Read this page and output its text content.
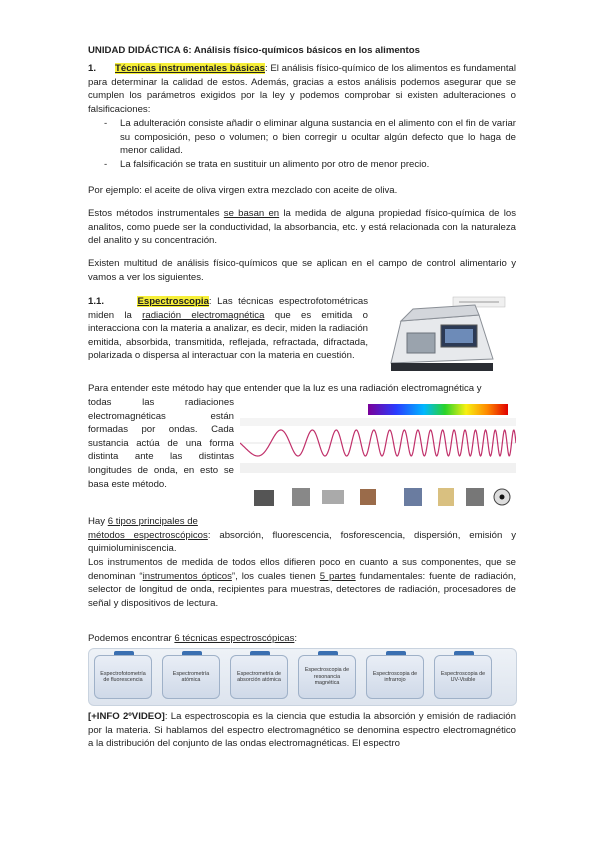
UNIDAD DIDÁCTICA 6: Análisis físico-químicos básicos en los alimentos

1. Técnicas instrumentales básicas: El análisis físico-químico de los alimentos es fundamental para determinar la calidad de estos. Además, gracias a estos análisis podemos asegurar que se cumplen los parámetros exigidos por la ley y podemos comprobar si existen adulteraciones o falsificaciones:

- La adulteración consiste añadir o eliminar alguna sustancia en el alimento con el fin de variar su composición, peso o volumen; o bien corregir u ocultar algún defecto que lo haga de menor calidad.
- La falsificación se trata en sustituir un alimento por otro de menor precio.

Por ejemplo: el aceite de oliva virgen extra mezclado con aceite de oliva.

Estos métodos instrumentales se basan en la medida de alguna propiedad físico-química de los analitos, como puede ser la conductividad, la absorbancia, etc. y está relacionada con la naturaleza del analito y su concentración.

Existen multitud de análisis físico-químicos que se aplican en el campo de control alimentario y vamos a ver los siguientes.

1.1.	Espectroscopia: Las técnicas espectrofotométricas miden la radiación electromagnética que es emitida o interacciona con la materia a analizar, es decir, miden la radiación emitida, absorbida, transmitida, reflejada, refractada, difractada, polarizada o dispersa al interactuar con la materia en cuestión.

Para entender este método hay que entender que la luz es una radiación electromagnética y

todas las radiaciones electromagnéticas están formadas por ondas. Cada sustancia actúa de una forma distinta ante las distintas longitudes de onda, en esto se basa este método.

Hay 6 tipos principales de
métodos espectroscópicos: absorción, fluorescencia, fosforescencia, dispersión, emisión y quimioluminiscencia.

Los instrumentos de medida de todos ellos difieren poco en cuanto a sus componentes, que se denominan “instrumentos ópticos”, los cuales tienen 5 partes fundamentales: fuente de radiación, selector de longitud de onda, recipientes para muestras, detectores de radiación, procesadores de señal y dispositivos de lectura.

Podemos encontrar 6 técnicas espectroscópicas:

Espectrofotometría de fluorescencia
Espectrometría atómica
Espectrometría de absorción atómica
Espectroscopia de resonancia magnética
Espectroscopia de infrarrojo
Espectroscopia de UV-Visible

[+INFO 2ºVIDEO]: La espectroscopia es la ciencia que estudia la absorción y emisión de radiación por la materia. Si hablamos del espectro electromagnético se denomina espectro electromagnético a la distribución del conjunto de las ondas electromagnéticas. El espectro
